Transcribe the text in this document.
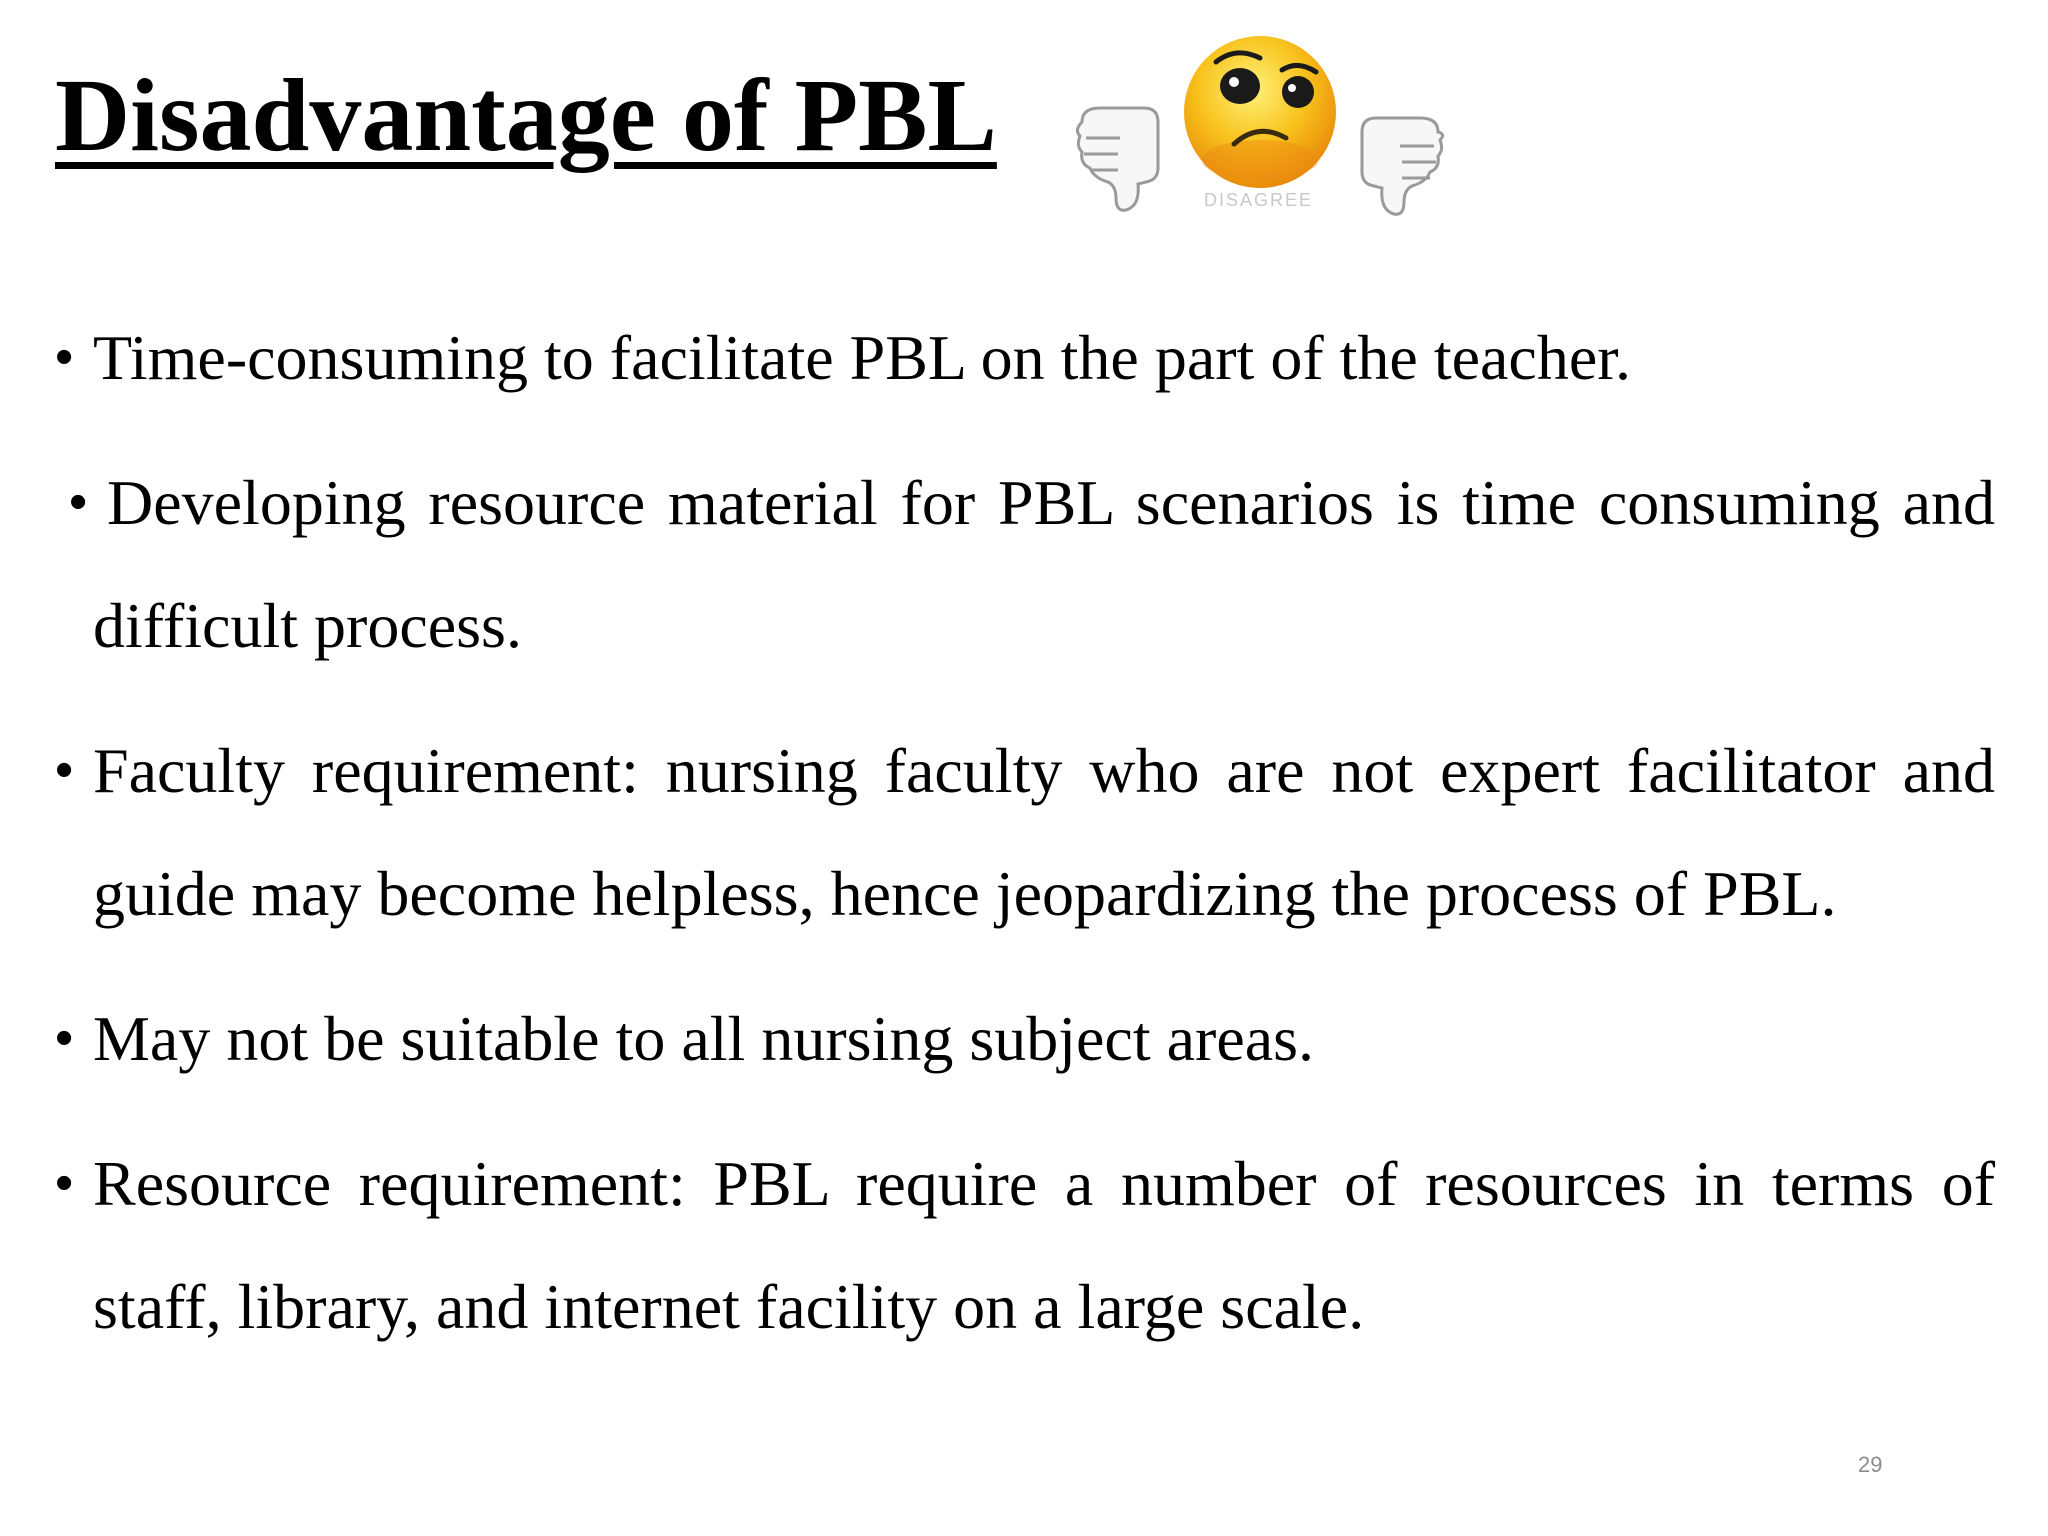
Disadvantage of PBL
DISAGREE
• Time-consuming to facilitate PBL on the part of the teacher.
• Developing resource material for PBL scenarios is time consuming and difficult process.
• Faculty requirement: nursing faculty who are not expert facilitator and guide may become helpless, hence jeopardizing the process of PBL.
• May not be suitable to all nursing subject areas.
• Resource requirement: PBL require a number of resources in terms of staff, library, and internet facility on a large scale.
29
